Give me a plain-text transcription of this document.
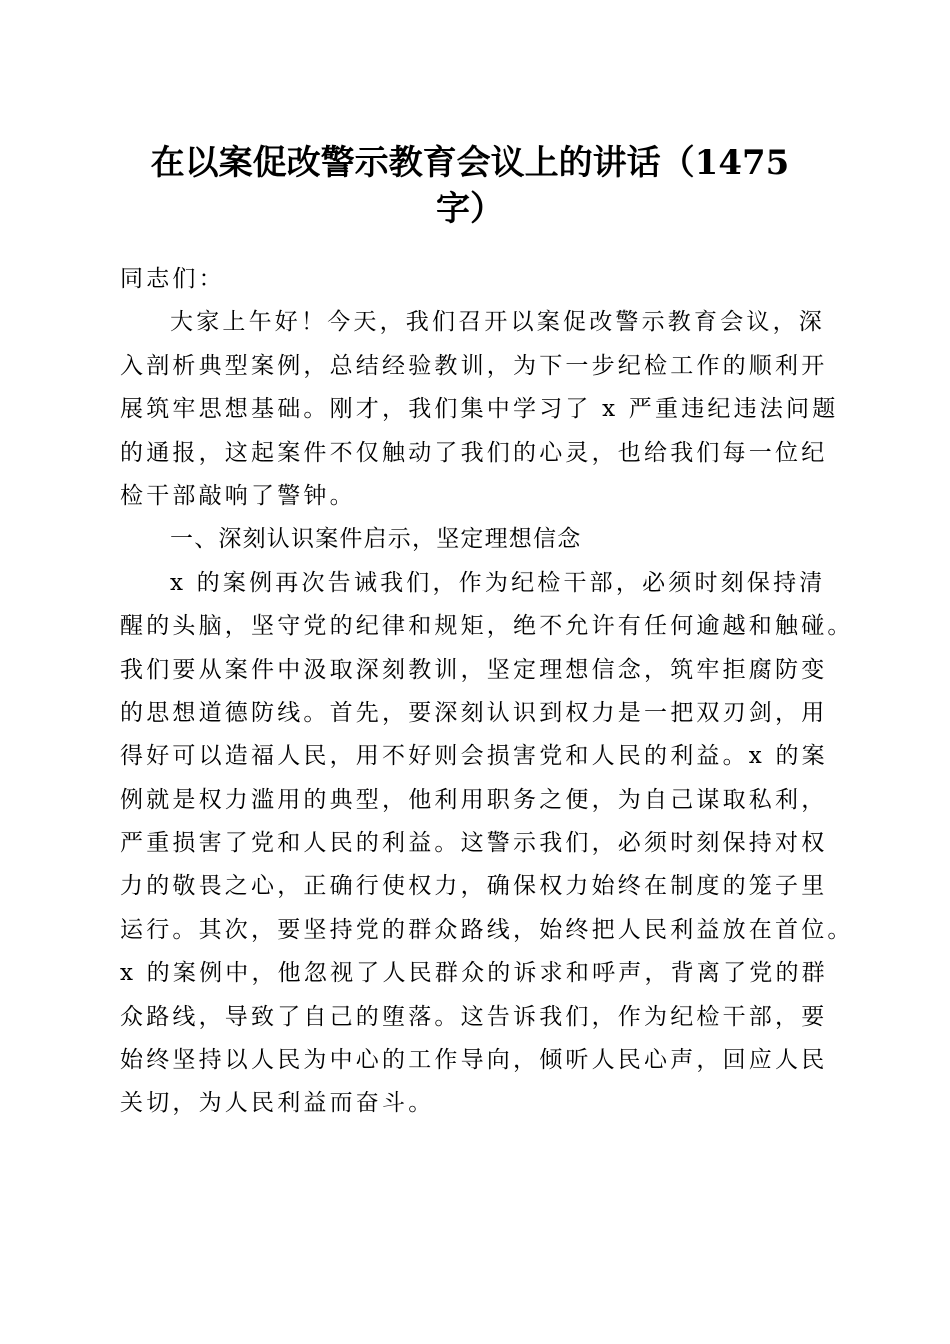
在以案促改警示教育会议上的讲话（1475
字）
同志们：
大家上午好！今天，我们召开以案促改警示教育会议，深
入剖析典型案例，总结经验教训，为下一步纪检工作的顺利开
展筑牢思想基础。刚才，我们集中学习了 x 严重违纪违法问题
的通报，这起案件不仅触动了我们的心灵，也给我们每一位纪
检干部敲响了警钟。
一、深刻认识案件启示，坚定理想信念
x 的案例再次告诫我们，作为纪检干部，必须时刻保持清
醒的头脑，坚守党的纪律和规矩，绝不允许有任何逾越和触碰。
我们要从案件中汲取深刻教训，坚定理想信念，筑牢拒腐防变
的思想道德防线。首先，要深刻认识到权力是一把双刃剑，用
得好可以造福人民，用不好则会损害党和人民的利益。x 的案
例就是权力滥用的典型，他利用职务之便，为自己谋取私利，
严重损害了党和人民的利益。这警示我们，必须时刻保持对权
力的敬畏之心，正确行使权力，确保权力始终在制度的笼子里
运行。其次，要坚持党的群众路线，始终把人民利益放在首位。
x 的案例中，他忽视了人民群众的诉求和呼声，背离了党的群
众路线，导致了自己的堕落。这告诉我们，作为纪检干部，要
始终坚持以人民为中心的工作导向，倾听人民心声，回应人民
关切，为人民利益而奋斗。
